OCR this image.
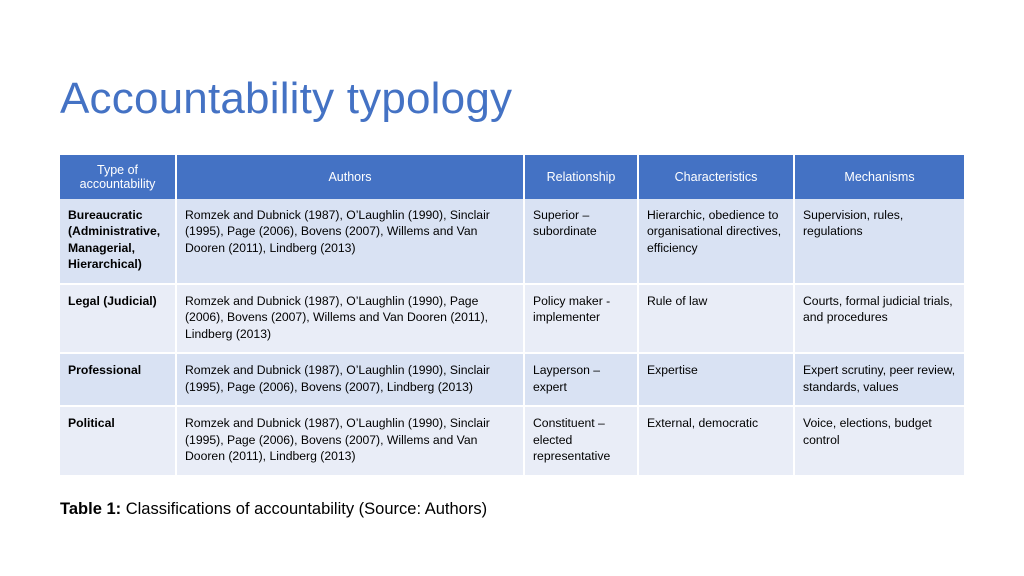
Accountability typology
Type of accountability	Authors	Relationship	Characteristics	Mechanisms
Bureaucratic (Administrative, Managerial, Hierarchical)	Romzek and Dubnick (1987), O’Laughlin (1990), Sinclair (1995), Page (2006), Bovens (2007), Willems and Van Dooren (2011), Lindberg (2013)	Superior – subordinate	Hierarchic, obedience to organisational directives, efficiency	Supervision, rules, regulations
Legal (Judicial)	Romzek and Dubnick (1987), O’Laughlin (1990), Page (2006), Bovens (2007), Willems and Van Dooren (2011), Lindberg (2013)	Policy maker - implementer	Rule of law	Courts, formal judicial trials, and procedures
Professional	Romzek and Dubnick (1987), O’Laughlin (1990), Sinclair (1995), Page (2006), Bovens (2007), Lindberg (2013)	Layperson – expert	Expertise	Expert scrutiny, peer review, standards, values
Political	Romzek and Dubnick (1987), O’Laughlin (1990), Sinclair (1995), Page (2006), Bovens (2007), Willems and Van Dooren (2011), Lindberg (2013)	Constituent – elected representative	External, democratic	Voice, elections, budget control
Table 1: Classifications of accountability (Source: Authors)
